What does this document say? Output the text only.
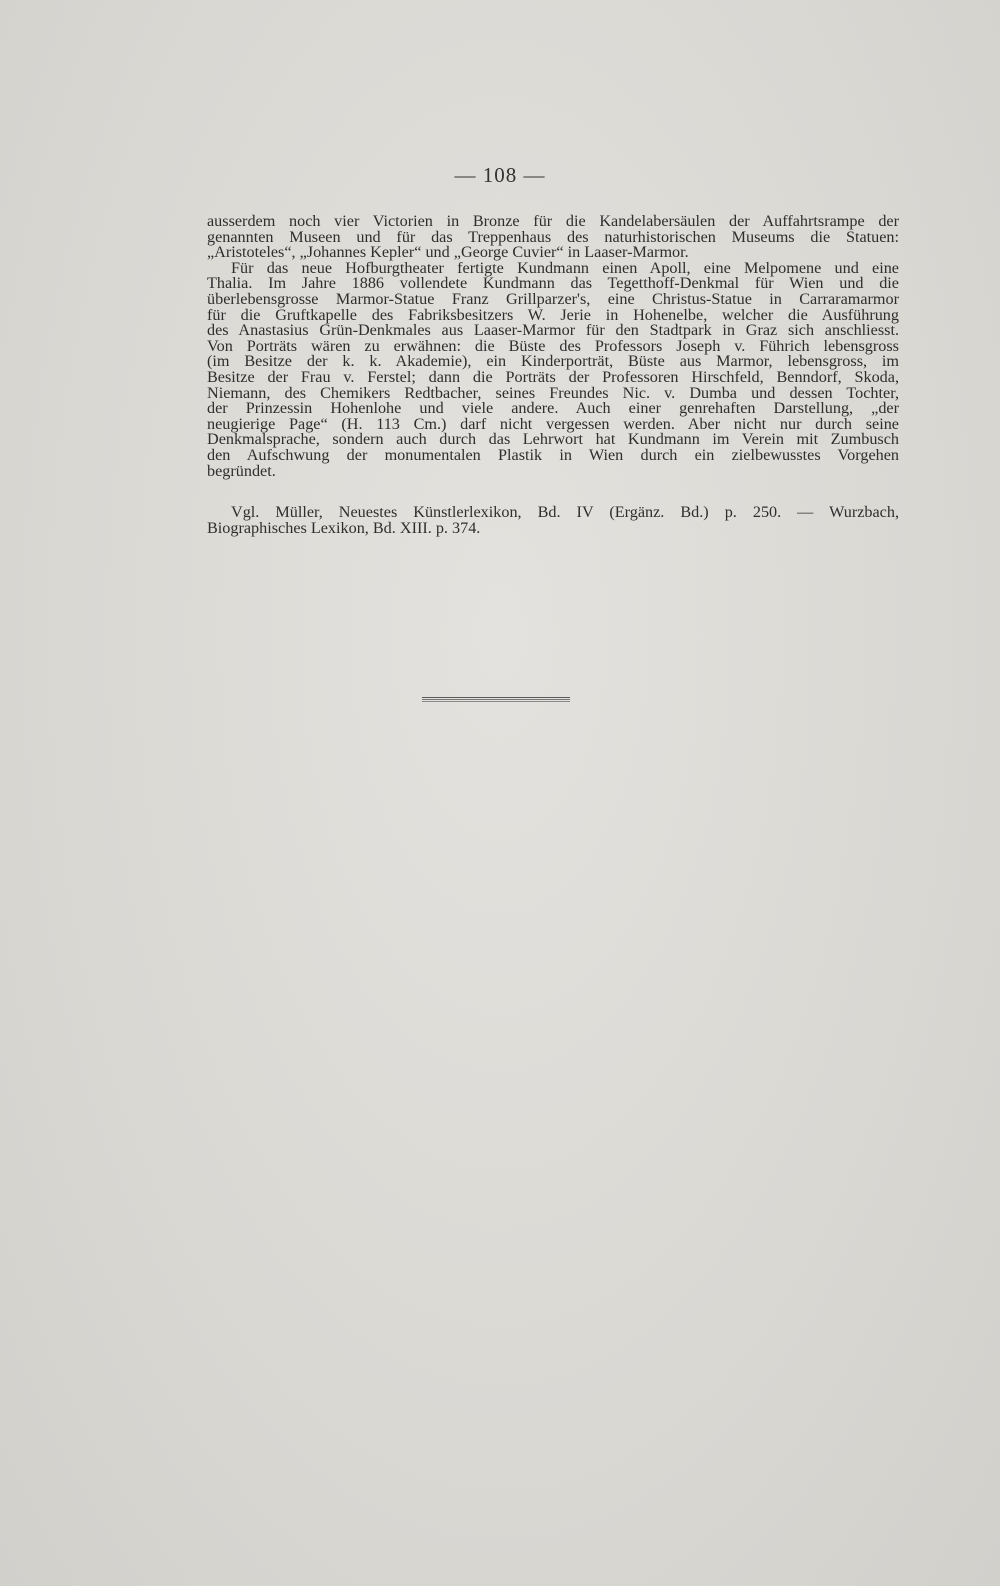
— 108 —
ausserdem noch vier Victorien in Bronze für die Kandelabersäulen der Auffahrtsrampe der
genannten Museen und für das Treppenhaus des naturhistorischen Museums die Statuen:
„Aristoteles“, „Johannes Kepler“ und „George Cuvier“ in Laaser-Marmor.
Für das neue Hofburgtheater fertigte Kundmann einen Apoll, eine Melpomene und eine
Thalia. Im Jahre 1886 vollendete Kundmann das Tegetthoff-Denkmal für Wien und die
überlebensgrosse Marmor-Statue Franz Grillparzer's, eine Christus-Statue in Carraramarmor
für die Gruftkapelle des Fabriksbesitzers W. Jerie in Hohenelbe, welcher die Ausführung
des Anastasius Grün-Denkmales aus Laaser-Marmor für den Stadtpark in Graz sich anschliesst.
Von Porträts wären zu erwähnen: die Büste des Professors Joseph v. Führich lebensgross
(im Besitze der k. k. Akademie), ein Kinderporträt, Büste aus Marmor, lebensgross, im
Besitze der Frau v. Ferstel; dann die Porträts der Professoren Hirschfeld, Benndorf, Skoda,
Niemann, des Chemikers Redtbacher, seines Freundes Nic. v. Dumba und dessen Tochter,
der Prinzessin Hohenlohe und viele andere. Auch einer genrehaften Darstellung, „der
neugierige Page“ (H. 113 Cm.) darf nicht vergessen werden. Aber nicht nur durch seine
Denkmalsprache, sondern auch durch das Lehrwort hat Kundmann im Verein mit Zumbusch
den Aufschwung der monumentalen Plastik in Wien durch ein zielbewusstes Vorgehen
begründet.
Vgl. Müller, Neuestes Künstlerlexikon, Bd. IV (Ergänz. Bd.) p. 250. — Wurzbach,
Biographisches Lexikon, Bd. XIII. p. 374.
